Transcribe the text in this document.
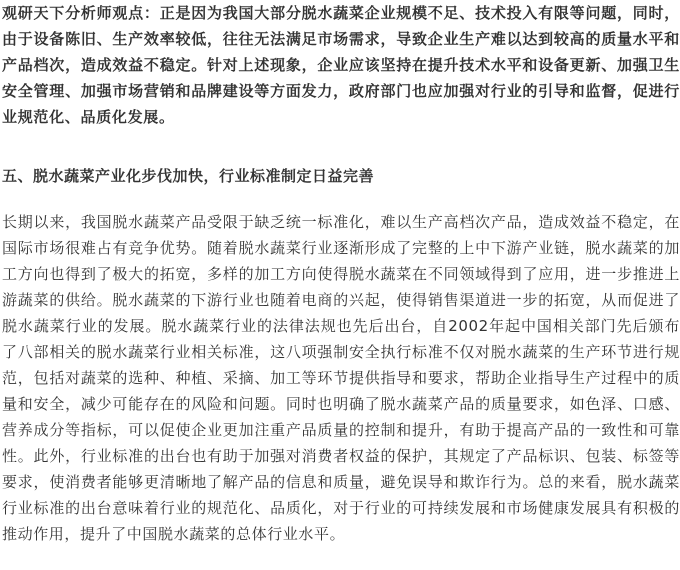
观研天下分析师观点：正是因为我国大部分脱水蔬菜企业规模不足、技术投入有限等问题，同时，由于设备陈旧、生产效率较低，往往无法满足市场需求，导致企业生产难以达到较高的质量水平和产品档次，造成效益不稳定。针对上述现象，企业应该坚持在提升技术水平和设备更新、加强卫生安全管理、加强市场营销和品牌建设等方面发力，政府部门也应加强对行业的引导和监督，促进行业规范化、品质化发展。

五、脱水蔬菜产业化步伐加快，行业标准制定日益完善

长期以来，我国脱水蔬菜产品受限于缺乏统一标准化，难以生产高档次产品，造成效益不稳定，在国际市场很难占有竞争优势。随着脱水蔬菜行业逐渐形成了完整的上中下游产业链，脱水蔬菜的加工方向也得到了极大的拓宽，多样的加工方向使得脱水蔬菜在不同领域得到了应用，进一步推进上游蔬菜的供给。脱水蔬菜的下游行业也随着电商的兴起，使得销售渠道进一步的拓宽，从而促进了脱水蔬菜行业的发展。脱水蔬菜行业的法律法规也先后出台，自2002年起中国相关部门先后颁布了八部相关的脱水蔬菜行业相关标准，这八项强制安全执行标准不仅对脱水蔬菜的生产环节进行规范，包括对蔬菜的选种、种植、采摘、加工等环节提供指导和要求，帮助企业指导生产过程中的质量和安全，减少可能存在的风险和问题。同时也明确了脱水蔬菜产品的质量要求，如色泽、口感、营养成分等指标，可以促使企业更加注重产品质量的控制和提升，有助于提高产品的一致性和可靠性。此外，行业标准的出台也有助于加强对消费者权益的保护，其规定了产品标识、包装、标签等要求，使消费者能够更清晰地了解产品的信息和质量，避免误导和欺诈行为。总的来看，脱水蔬菜行业标准的出台意味着行业的规范化、品质化，对于行业的可持续发展和市场健康发展具有积极的推动作用，提升了中国脱水蔬菜的总体行业水平。
